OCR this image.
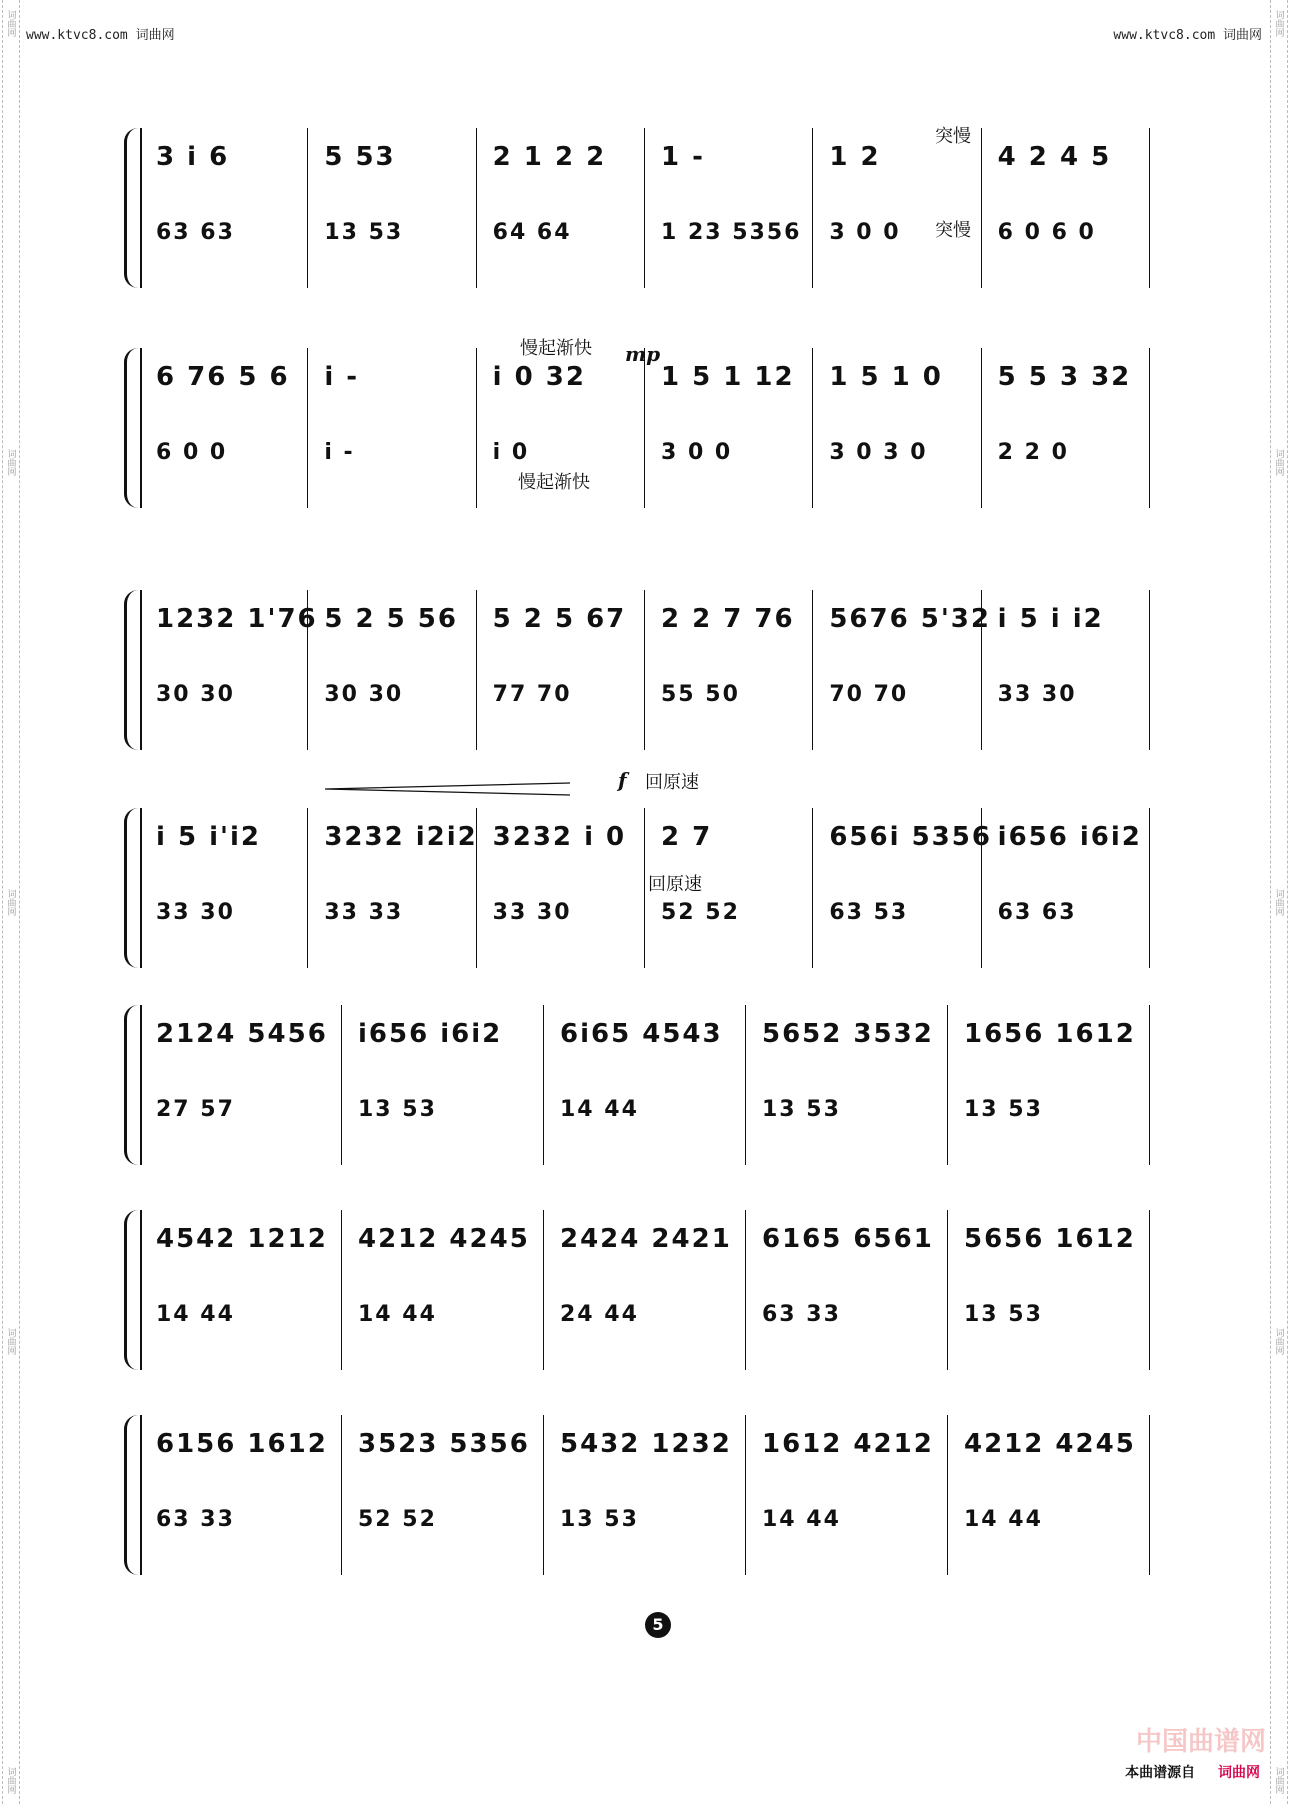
词曲网
词曲网
词曲网
词曲网
词曲网
词曲网
词曲网
词曲网
词曲网
词曲网
www.ktvc8.com 词曲网	www.ktvc8.com 词曲网
3 i 6
63 63
5 53
13 53
2 1 2 2
64 64
1 -
1 23 5356
1 2
3 0 0
4 2 4 5
6 0 6 0
6 76 5 6
6 0 0
i -
i -
i 0 32
i 0
1 5 1 12
3 0 0
1 5 1 0
3 0 3 0
5 5 3 32
2 2 0
1232 1'76
30 30
5 2 5 56
30 30
5 2 5 67
77 70
2 2 7 76
55 50
5676 5'32
70 70
i 5 i i2
33 30
i 5 i'i2
33 30
3232 i2i2
33 33
3232 i 0
33 30
2 7
52 52
656i 5356
63 53
i656 i6i2
63 63
2124 5456
27 57
i656 i6i2
13 53
6i65 4543
14 44
5652 3532
13 53
1656 1612
13 53
4542 1212
14 44
4212 4245
14 44
2424 2421
24 44
6165 6561
63 33
5656 1612
13 53
6156 1612
63 33
3523 5356
52 52
5432 1232
13 53
1612 4212
14 44
4212 4245
14 44
突慢
突慢
慢起渐快
慢起渐快
mp
f 回原速
回原速
5
中国曲谱网
本曲谱源自 词曲网
